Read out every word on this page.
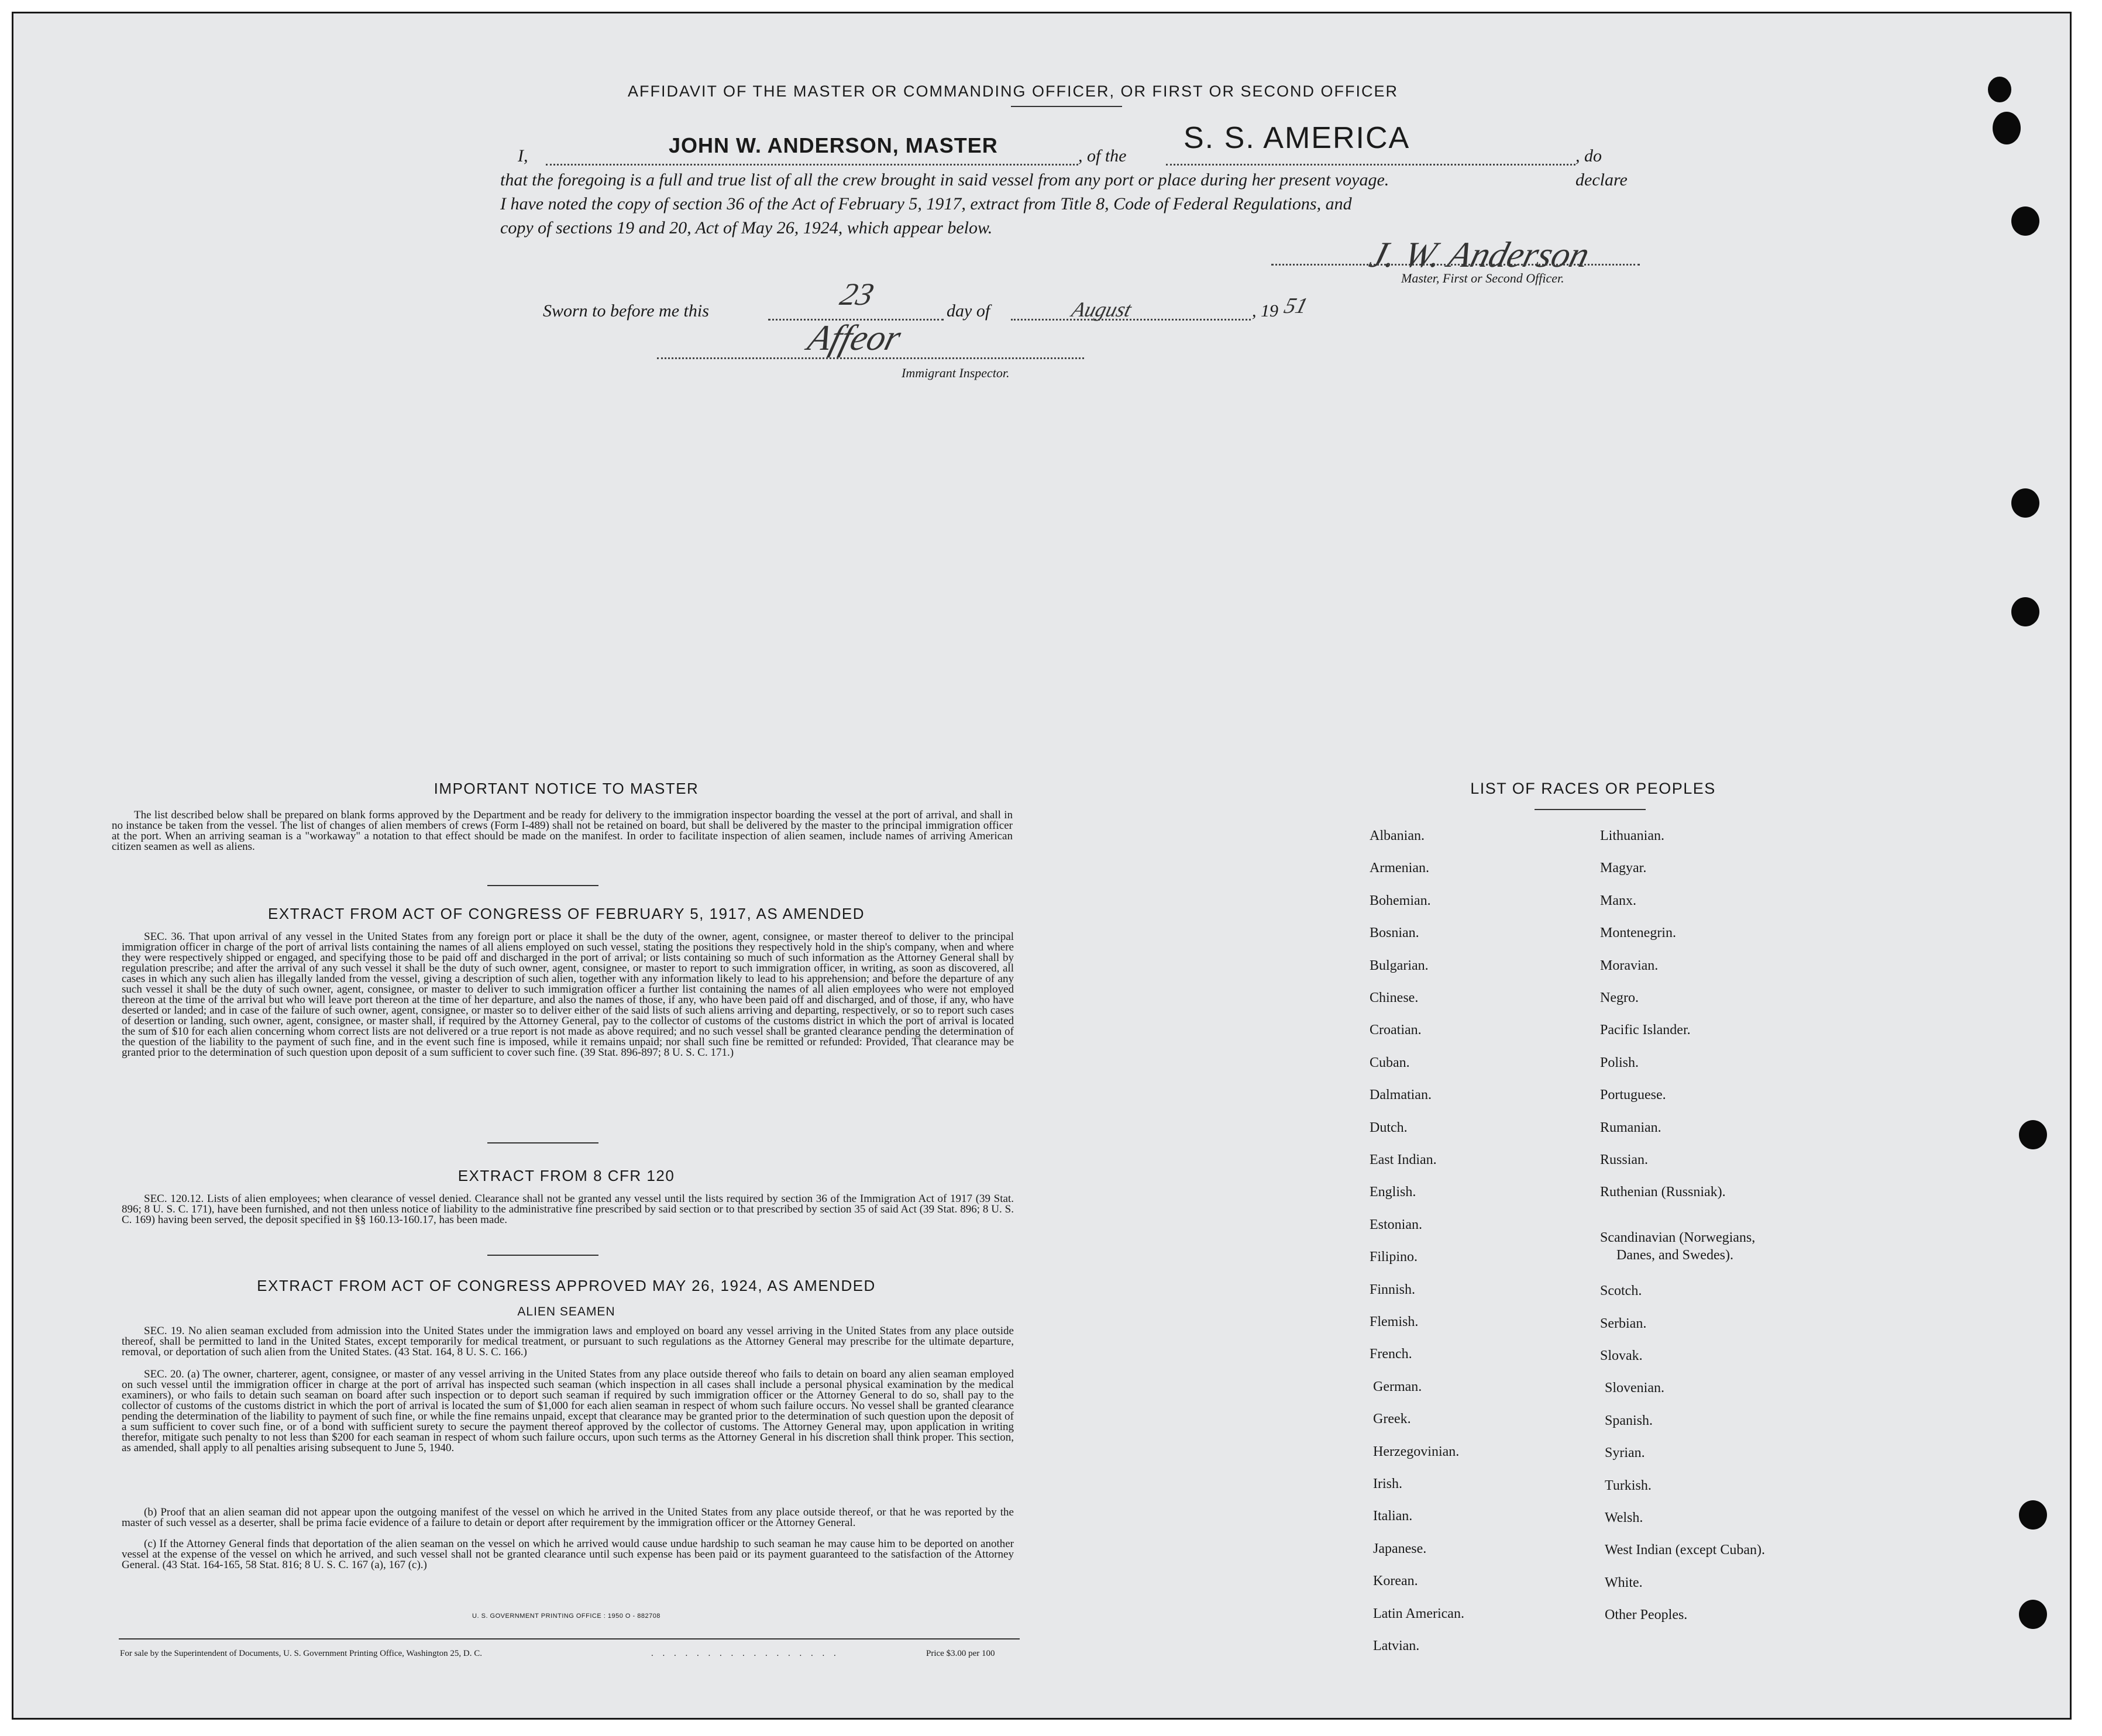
AFFIDAVIT OF THE MASTER OR COMMANDING OFFICER, OR FIRST OR SECOND OFFICER
I,	JOHN W. ANDERSON, MASTER	, of the
S. S. AMERICA
, do declare
that the foregoing is a full and true list of all the crew brought in said vessel from any port or place during her present voyage.
I have noted the copy of section 36 of the Act of February 5, 1917, extract from Title 8, Code of Federal Regulations, and
copy of sections 19 and 20, Act of May 26, 1924, which appear below.
J. W. Anderson
Master, First or Second Officer.
Sworn to before me this	23	day of	August	, 19 51
Affeor
Immigrant Inspector.
IMPORTANT NOTICE TO MASTER
The list described below shall be prepared on blank forms approved by the Department and be ready for delivery to the immigration inspector boarding the vessel at the port of arrival, and shall in no instance be taken from the vessel. The list of changes of alien members of crews (Form I-489) shall not be retained on board, but shall be delivered by the master to the principal immigration officer at the port. When an arriving seaman is a "workaway" a notation to that effect should be made on the manifest. In order to facilitate inspection of alien seamen, include names of arriving American citizen seamen as well as aliens.
EXTRACT FROM ACT OF CONGRESS OF FEBRUARY 5, 1917, AS AMENDED
SEC. 36. That upon arrival of any vessel in the United States from any foreign port or place it shall be the duty of the owner, agent, consignee, or master thereof to deliver to the principal immigration officer in charge of the port of arrival lists containing the names of all aliens employed on such vessel, stating the positions they respectively hold in the ship's company, when and where they were respectively shipped or engaged, and specifying those to be paid off and discharged in the port of arrival; or lists containing so much of such information as the Attorney General shall by regulation prescribe; and after the arrival of any such vessel it shall be the duty of such owner, agent, consignee, or master to report to such immigration officer, in writing, as soon as discovered, all cases in which any such alien has illegally landed from the vessel, giving a description of such alien, together with any information likely to lead to his apprehension; and before the departure of any such vessel it shall be the duty of such owner, agent, consignee, or master to deliver to such immigration officer a further list containing the names of all alien employees who were not employed thereon at the time of the arrival but who will leave port thereon at the time of her departure, and also the names of those, if any, who have been paid off and discharged, and of those, if any, who have deserted or landed; and in case of the failure of such owner, agent, consignee, or master so to deliver either of the said lists of such aliens arriving and departing, respectively, or so to report such cases of desertion or landing, such owner, agent, consignee, or master shall, if required by the Attorney General, pay to the collector of customs of the customs district in which the port of arrival is located the sum of $10 for each alien concerning whom correct lists are not delivered or a true report is not made as above required; and no such vessel shall be granted clearance pending the determination of the question of the liability to the payment of such fine, and in the event such fine is imposed, while it remains unpaid; nor shall such fine be remitted or refunded: Provided, That clearance may be granted prior to the determination of such question upon deposit of a sum sufficient to cover such fine. (39 Stat. 896-897; 8 U. S. C. 171.)
EXTRACT FROM 8 CFR 120
SEC. 120.12. Lists of alien employees; when clearance of vessel denied. Clearance shall not be granted any vessel until the lists required by section 36 of the Immigration Act of 1917 (39 Stat. 896; 8 U. S. C. 171), have been furnished, and not then unless notice of liability to the administrative fine prescribed by said section or to that prescribed by section 35 of said Act (39 Stat. 896; 8 U. S. C. 169) having been served, the deposit specified in §§ 160.13-160.17, has been made.
EXTRACT FROM ACT OF CONGRESS APPROVED MAY 26, 1924, AS AMENDED
ALIEN SEAMEN
SEC. 19. No alien seaman excluded from admission into the United States under the immigration laws and employed on board any vessel arriving in the United States from any place outside thereof, shall be permitted to land in the United States, except temporarily for medical treatment, or pursuant to such regulations as the Attorney General may prescribe for the ultimate departure, removal, or deportation of such alien from the United States. (43 Stat. 164, 8 U. S. C. 166.)
SEC. 20. (a) The owner, charterer, agent, consignee, or master of any vessel arriving in the United States from any place outside thereof who fails to detain on board any alien seaman employed on such vessel until the immigration officer in charge at the port of arrival has inspected such seaman (which inspection in all cases shall include a personal physical examination by the medical examiners), or who fails to detain such seaman on board after such inspection or to deport such seaman if required by such immigration officer or the Attorney General to do so, shall pay to the collector of customs of the customs district in which the port of arrival is located the sum of $1,000 for each alien seaman in respect of whom such failure occurs. No vessel shall be granted clearance pending the determination of the liability to payment of such fine, or while the fine remains unpaid, except that clearance may be granted prior to the determination of such question upon the deposit of a sum sufficient to cover such fine, or of a bond with sufficient surety to secure the payment thereof approved by the collector of customs. The Attorney General may, upon application in writing therefor, mitigate such penalty to not less than $200 for each seaman in respect of whom such failure occurs, upon such terms as the Attorney General in his discretion shall think proper. This section, as amended, shall apply to all penalties arising subsequent to June 5, 1940.
(b) Proof that an alien seaman did not appear upon the outgoing manifest of the vessel on which he arrived in the United States from any place outside thereof, or that he was reported by the master of such vessel as a deserter, shall be prima facie evidence of a failure to detain or deport after requirement by the immigration officer or the Attorney General.
(c) If the Attorney General finds that deportation of the alien seaman on the vessel on which he arrived would cause undue hardship to such seaman he may cause him to be deported on another vessel at the expense of the vessel on which he arrived, and such vessel shall not be granted clearance until such expense has been paid or its payment guaranteed to the satisfaction of the Attorney General. (43 Stat. 164-165, 58 Stat. 816; 8 U. S. C. 167 (a), 167 (c).)
U. S. GOVERNMENT PRINTING OFFICE : 1950 O - 882708
For sale by the Superintendent of Documents, U. S. Government Printing Office, Washington 25, D. C.	. . . . . . . . . . . . . . . . .	Price $3.00 per 100
LIST OF RACES OR PEOPLES
Albanian.
Armenian.
Bohemian.
Bosnian.
Bulgarian.
Chinese.
Croatian.
Cuban.
Dalmatian.
Dutch.
East Indian.
English.
Estonian.
Filipino.
Finnish.
Flemish.
French.
German.
Greek.
Herzegovinian.
Irish.
Italian.
Japanese.
Korean.
Latin American.
Latvian.
Lithuanian.
Magyar.
Manx.
Montenegrin.
Moravian.
Negro.
Pacific Islander.
Polish.
Portuguese.
Rumanian.
Russian.
Ruthenian (Russniak).
Scandinavian (Norwegians,
Danes, and Swedes).
Scotch.
Serbian.
Slovak.
Slovenian.
Spanish.
Syrian.
Turkish.
Welsh.
West Indian (except Cuban).
White.
Other Peoples.
